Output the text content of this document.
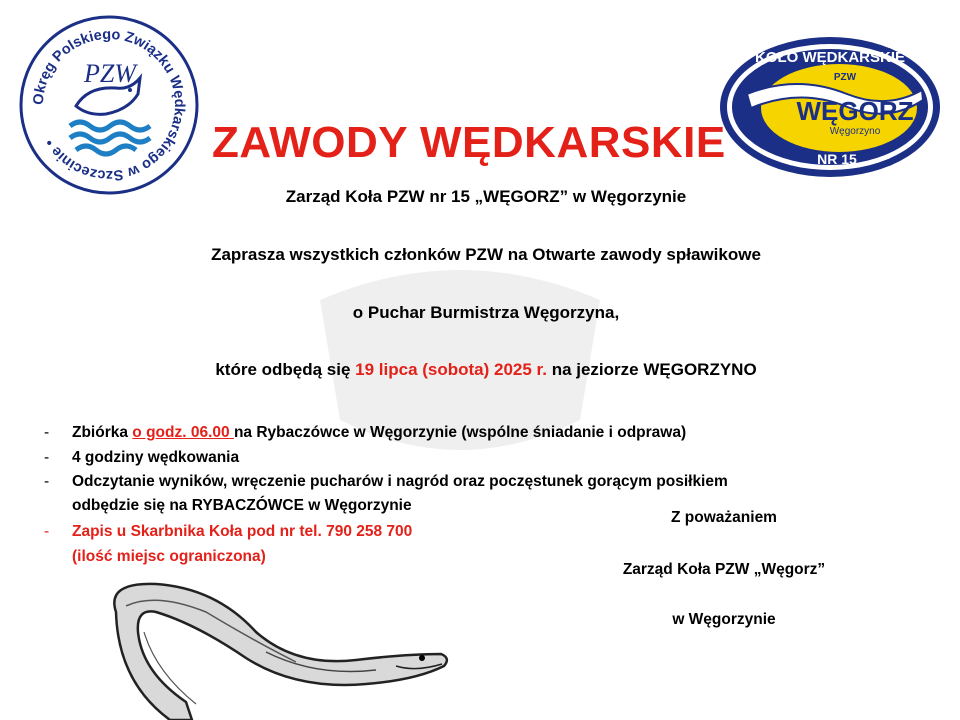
Okręg Polskiego Związku Wędkarskiego w Szczecinie •
PZW
KOŁO WĘDKARSKIE
PZW
WĘGORZ
Węgorzyno
NR 15
ZAWODY WĘDKARSKIE
Zarząd Koła PZW nr 15 „WĘGORZ” w Węgorzynie
Zaprasza wszystkich członków PZW na Otwarte zawody spławikowe
o Puchar Burmistrza Węgorzyna,
które odbędą się 19 lipca (sobota) 2025 r. na jeziorze WĘGORZYNO
- Zbiórka o godz. 06.00 na Rybaczówce w Węgorzynie (wspólne śniadanie i odprawa)
- 4 godziny wędkowania
- Odczytanie wyników, wręczenie pucharów i nagród oraz poczęstunek gorącym posiłkiem
odbędzie się na RYBACZÓWCE w Węgorzynie
- Zapis u Skarbnika Koła pod nr tel. 790 258 700
(ilość miejsc ograniczona)
Z poważaniem
Zarząd Koła PZW „Węgorz”
w Węgorzynie
